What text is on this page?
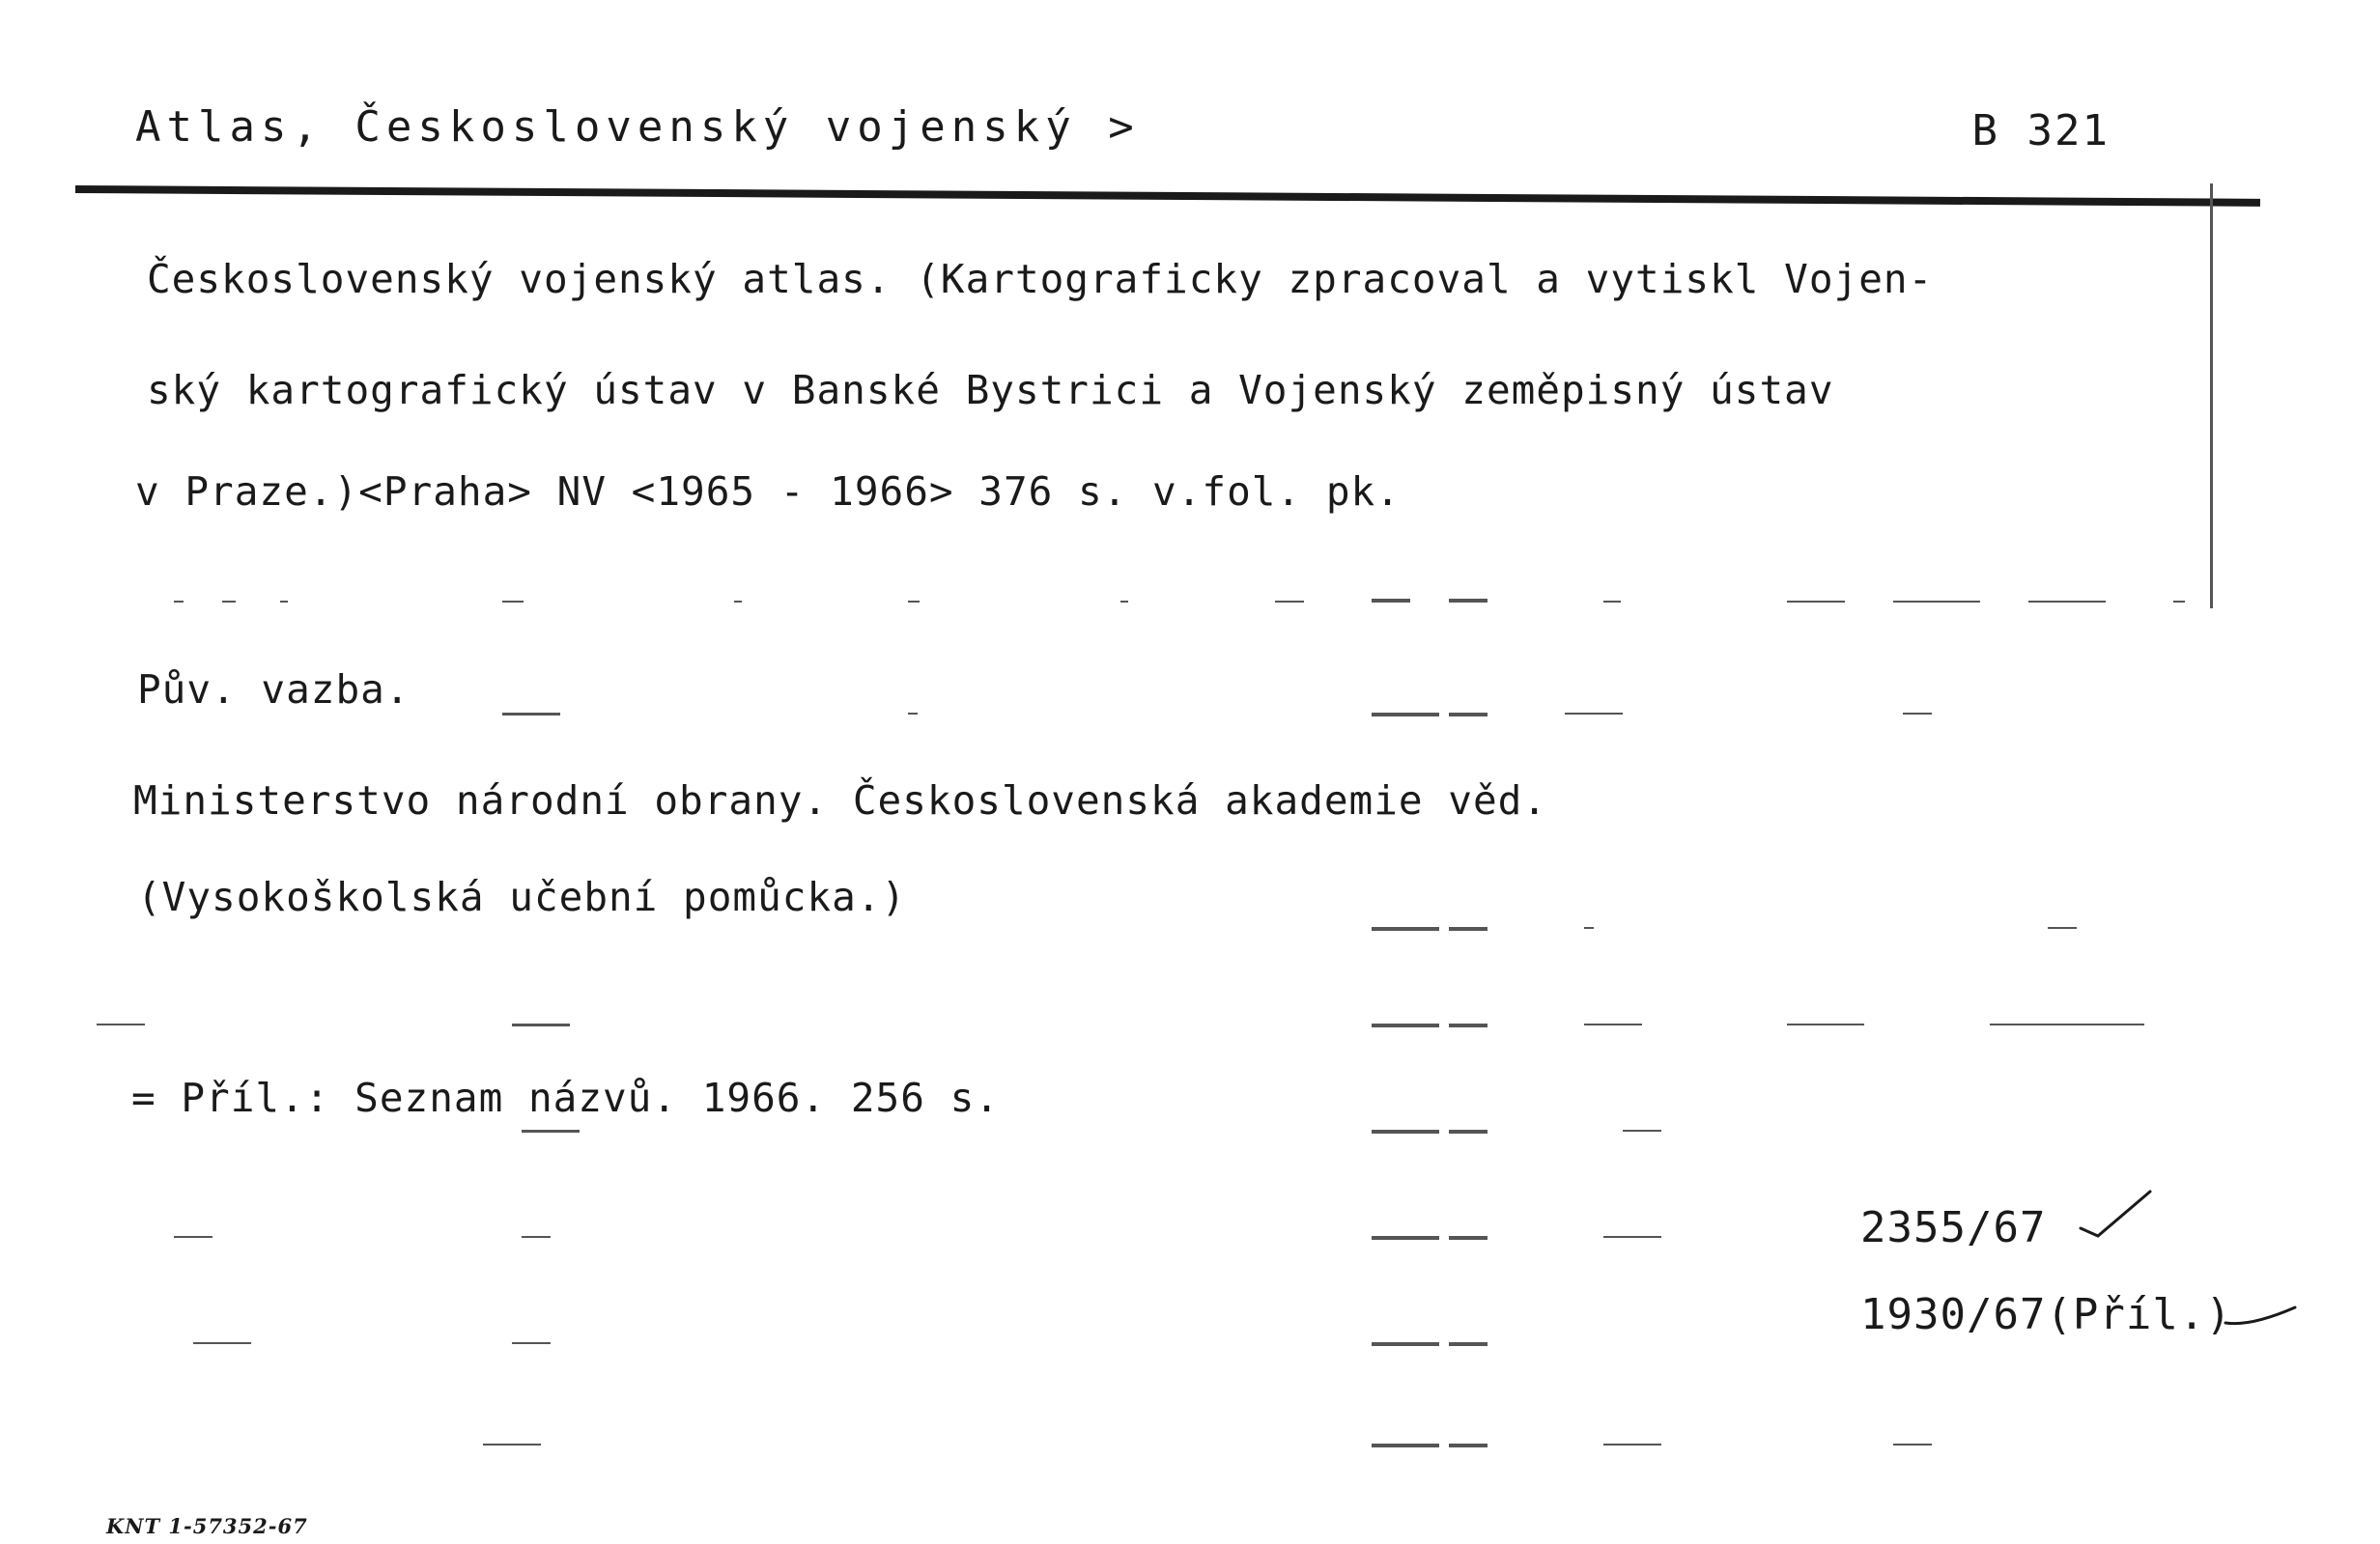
Atlas, Československý vojenský >	B 321
Československý vojenský atlas. (Kartograficky zpracoval a vytiskl Vojen-
ský kartografický ústav v Banské Bystrici a Vojenský zeměpisný ústav
v Praze.)<Praha> NV <1965 - 1966> 376 s. v.fol. pk.
Pův. vazba.
Ministerstvo národní obrany. Československá akademie věd.
(Vysokoškolská učební pomůcka.)
= Příl.: Seznam názvů. 1966. 256 s.
2355/67
1930/67(Příl.)
KNT 1-57352-67
